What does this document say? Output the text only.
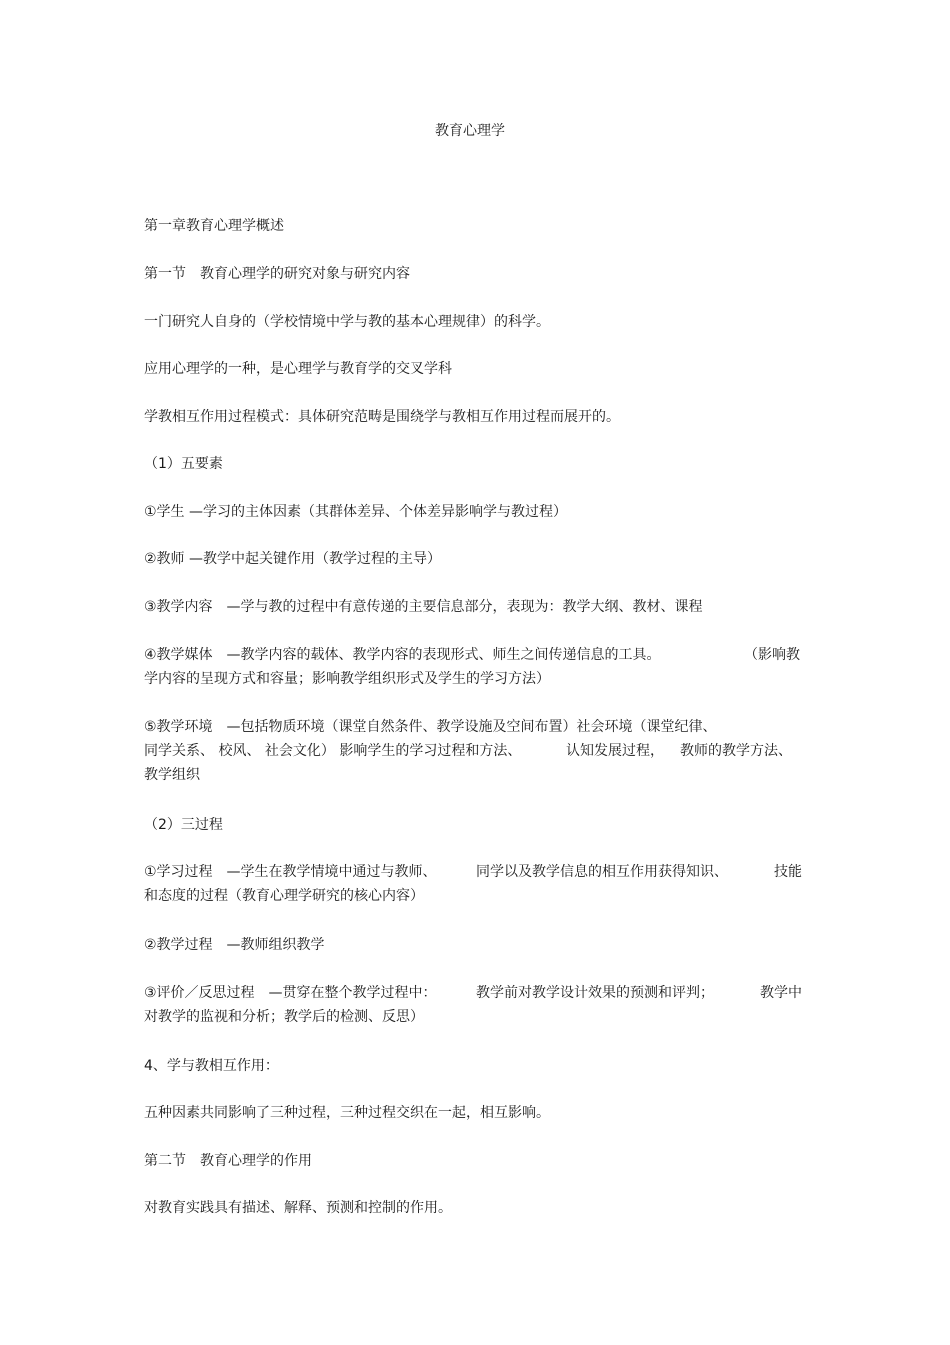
教育心理学

第一章教育心理学概述

第一节　教育心理学的研究对象与研究内容

一门研究人自身的（学校情境中学与教的基本心理规律）的科学。

应用心理学的一种，是心理学与教育学的交叉学科

学教相互作用过程模式：具体研究范畴是围绕学与教相互作用过程而展开的。

（1）五要素

①学生 —学习的主体因素（其群体差异、个体差异影响学与教过程）

②教师 —教学中起关键作用（教学过程的主导）

③教学内容　—学与教的过程中有意传递的主要信息部分，表现为：教学大纲、教材、课程

④教学媒体　—教学内容的载体、教学内容的表现形式、师生之间传递信息的工具。	（影响教
学内容的呈现方式和容量；影响教学组织形式及学生的学习方法）
⑤教学环境　—包括物质环境（课堂自然条件、教学设施及空间布置）社会环境（课堂纪律、
同学关系、 校风、 社会文化） 影响学生的学习过程和方法、	认知发展过程， 教师的教学方法、
教学组织

（2）三过程

①学习过程　—学生在教学情境中通过与教师、	同学以及教学信息的相互作用获得知识、	技能
和态度的过程（教育心理学研究的核心内容）

②教学过程　—教师组织教学

③评价／反思过程　—贯穿在整个教学过程中：	教学前对教学设计效果的预测和评判；	教学中
对教学的监视和分析；教学后的检测、反思）

4、学与教相互作用：

五种因素共同影响了三种过程，三种过程交织在一起，相互影响。

第二节　教育心理学的作用

对教育实践具有描述、解释、预测和控制的作用。
